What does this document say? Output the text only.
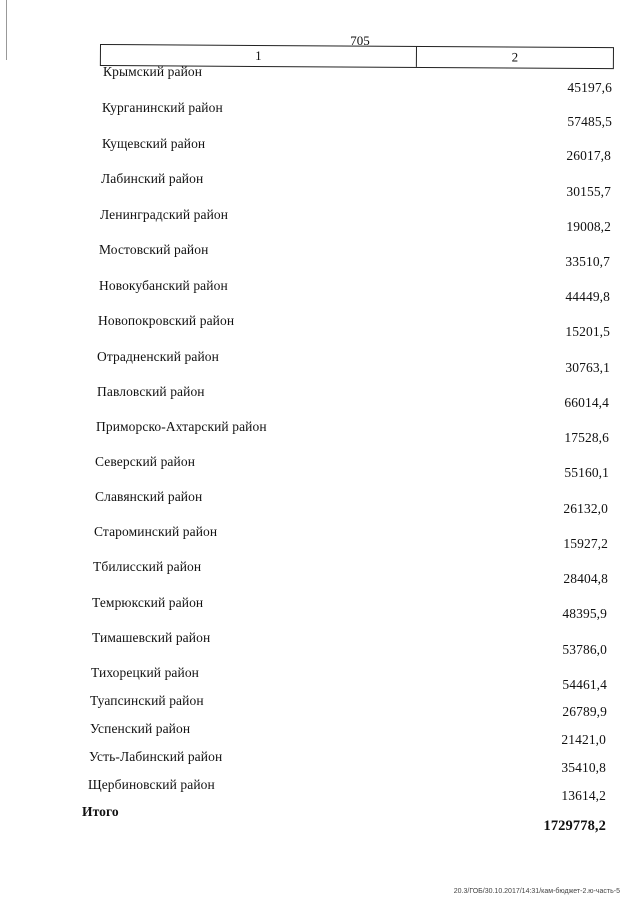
705
1	2
Крымский район
45197,6
Курганинский район
57485,5
Кущевский район
26017,8
Лабинский район
30155,7
Ленинградский район
19008,2
Мостовский район
33510,7
Новокубанский район
44449,8
Новопокровский район
15201,5
Отрадненский район
30763,1
Павловский район
66014,4
Приморско-Ахтарский район
17528,6
Северский район
55160,1
Славянский район
26132,0
Староминский район
15927,2
Тбилисский район
28404,8
Темрюкский район
48395,9
Тимашевский район
53786,0
Тихорецкий район
54461,4
Туапсинский район
26789,9
Успенский район
21421,0
Усть-Лабинский район
35410,8
Щербиновский район
13614,2
Итого
1729778,2
20.3/ГОБ/30.10.2017/14:31/кам-бюджет-2.ю-часть-5
